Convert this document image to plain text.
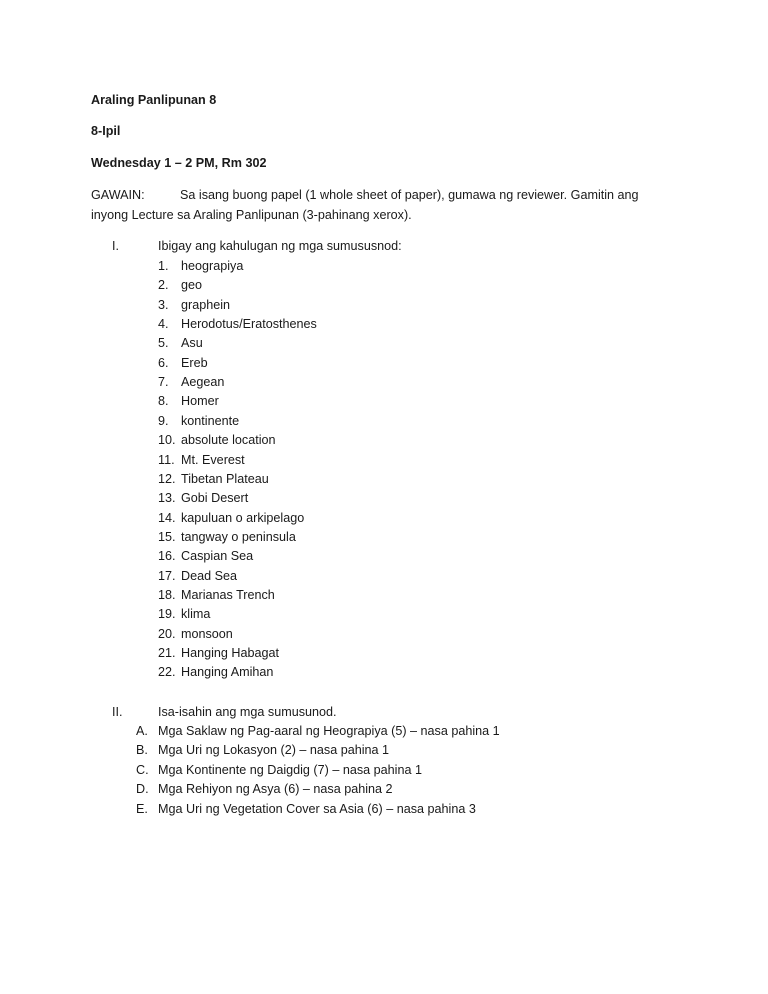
Araling Panlipunan 8
8-Ipil
Wednesday 1 – 2 PM, Rm 302
GAWAIN:	Sa isang buong papel (1 whole sheet of paper), gumawa ng reviewer. Gamitin ang
inyong Lecture sa Araling Panlipunan (3-pahinang xerox).
I.	Ibigay ang kahulugan ng mga sumususnod:
1. heograpiya
2. geo
3. graphein
4. Herodotus/Eratosthenes
5. Asu
6. Ereb
7. Aegean
8. Homer
9. kontinente
10. absolute location
11. Mt. Everest
12. Tibetan Plateau
13. Gobi Desert
14. kapuluan o arkipelago
15. tangway o peninsula
16. Caspian Sea
17. Dead Sea
18. Marianas Trench
19. klima
20. monsoon
21. Hanging Habagat
22. Hanging Amihan
II.	Isa-isahin ang mga sumusunod.
A. Mga Saklaw ng Pag-aaral ng Heograpiya (5) – nasa pahina 1
B. Mga Uri ng Lokasyon (2) – nasa pahina 1
C. Mga Kontinente ng Daigdig (7) – nasa pahina 1
D. Mga Rehiyon ng Asya (6) – nasa pahina 2
E. Mga Uri ng Vegetation Cover sa Asia (6) – nasa pahina 3
